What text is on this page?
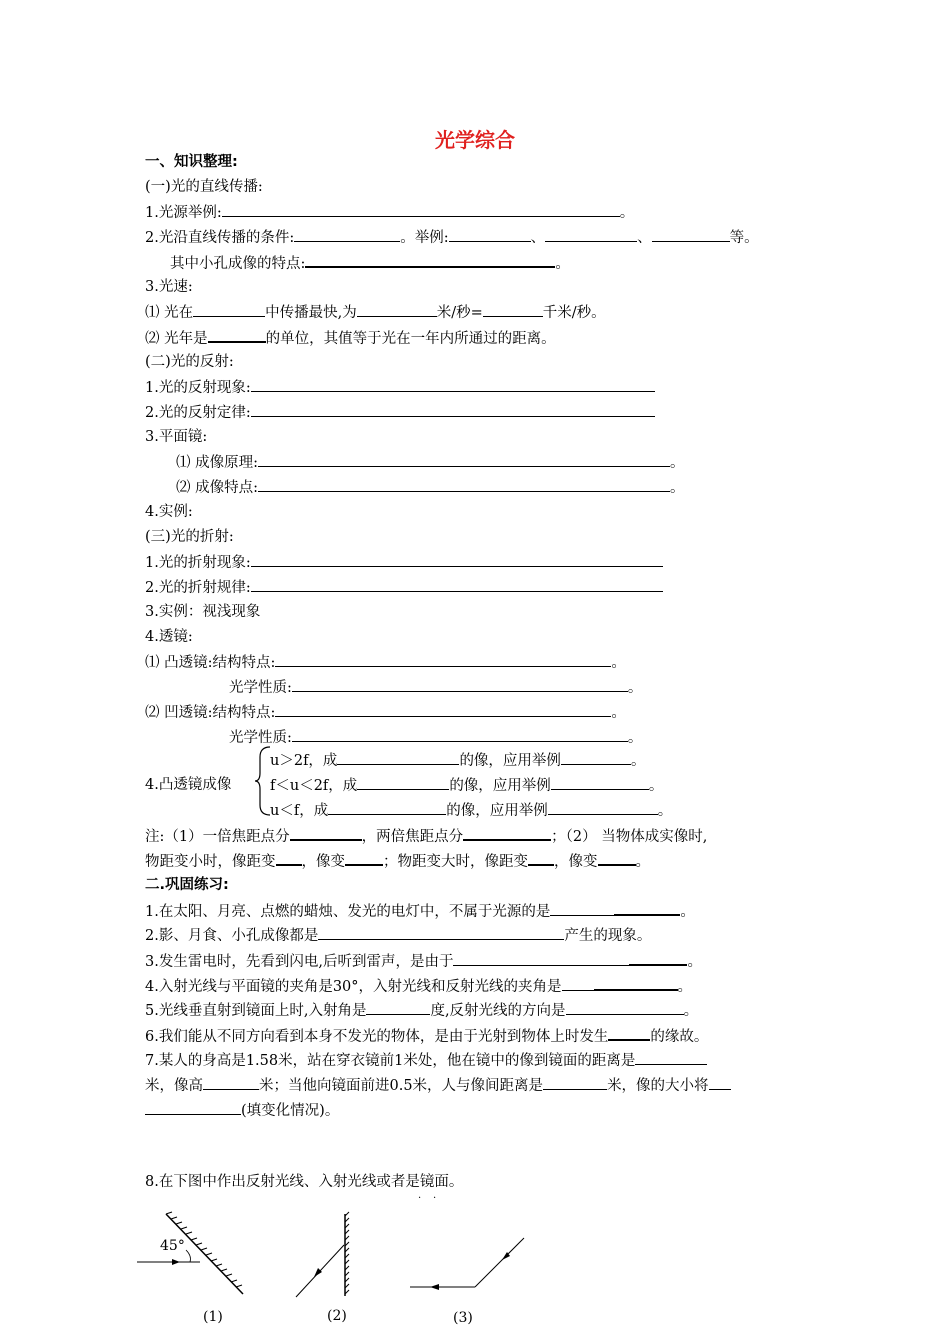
光学综合
一、知识整理:
(一)光的直线传播:
1.光源举例:	。
2.光沿直线传播的条件:	。举例:	、	、	等。
其中小孔成像的特点:	。
3.光速:
⑴ 光在	中传播最快,为	米/秒=	千米/秒。
⑵ 光年是	的单位，其值等于光在一年内所通过的距离。
(二)光的反射:
1.光的反射现象:
2.光的反射定律:
3.平面镜:
⑴ 成像原理:	。
⑵ 成像特点:	。
4.实例:
(三)光的折射:
1.光的折射现象:
2.光的折射规律:
3.实例：视浅现象
4.透镜:
⑴ 凸透镜:结构特点:	。
光学性质:	。
⑵ 凹透镜:结构特点:	。
光学性质:	。
4.凸透镜成像
u＞2f，成	的像，应用举例	。
f＜u＜2f，成	的像，应用举例	。
u＜f，成	的像，应用举例	。
注:（1）一倍焦距点分	，两倍焦距点分	；（2） 当物体成实像时,
物距变小时，像距变 ，像变	；物距变大时，像距变 ，像变	。
二.巩固练习:
1.在太阳、月亮、点燃的蜡烛、发光的电灯中，不属于光源的是	。
2.影、月食、小孔成像都是	产生的现象。
3.发生雷电时，先看到闪电,后听到雷声，是由于	。
4.入射光线与平面镜的夹角是30°，入射光线和反射光线的夹角是	。
5.光线垂直射到镜面上时,入射角是	度,反射光线的方向是	。
6.我们能从不同方向看到本身不发光的物体，是由于光射到物体上时发生	的缘故。
7.某人的身高是1.58米，站在穿衣镜前1米处，他在镜中的像到镜面的距离是
米，像高	米；当他向镜面前进0.5米，人与像间距离是	米，像的大小将
(填变化情况)。
8.在下图中作出反射光线、入射光线或者是镜面。
. .
45°
(1)	(2)	(3)
